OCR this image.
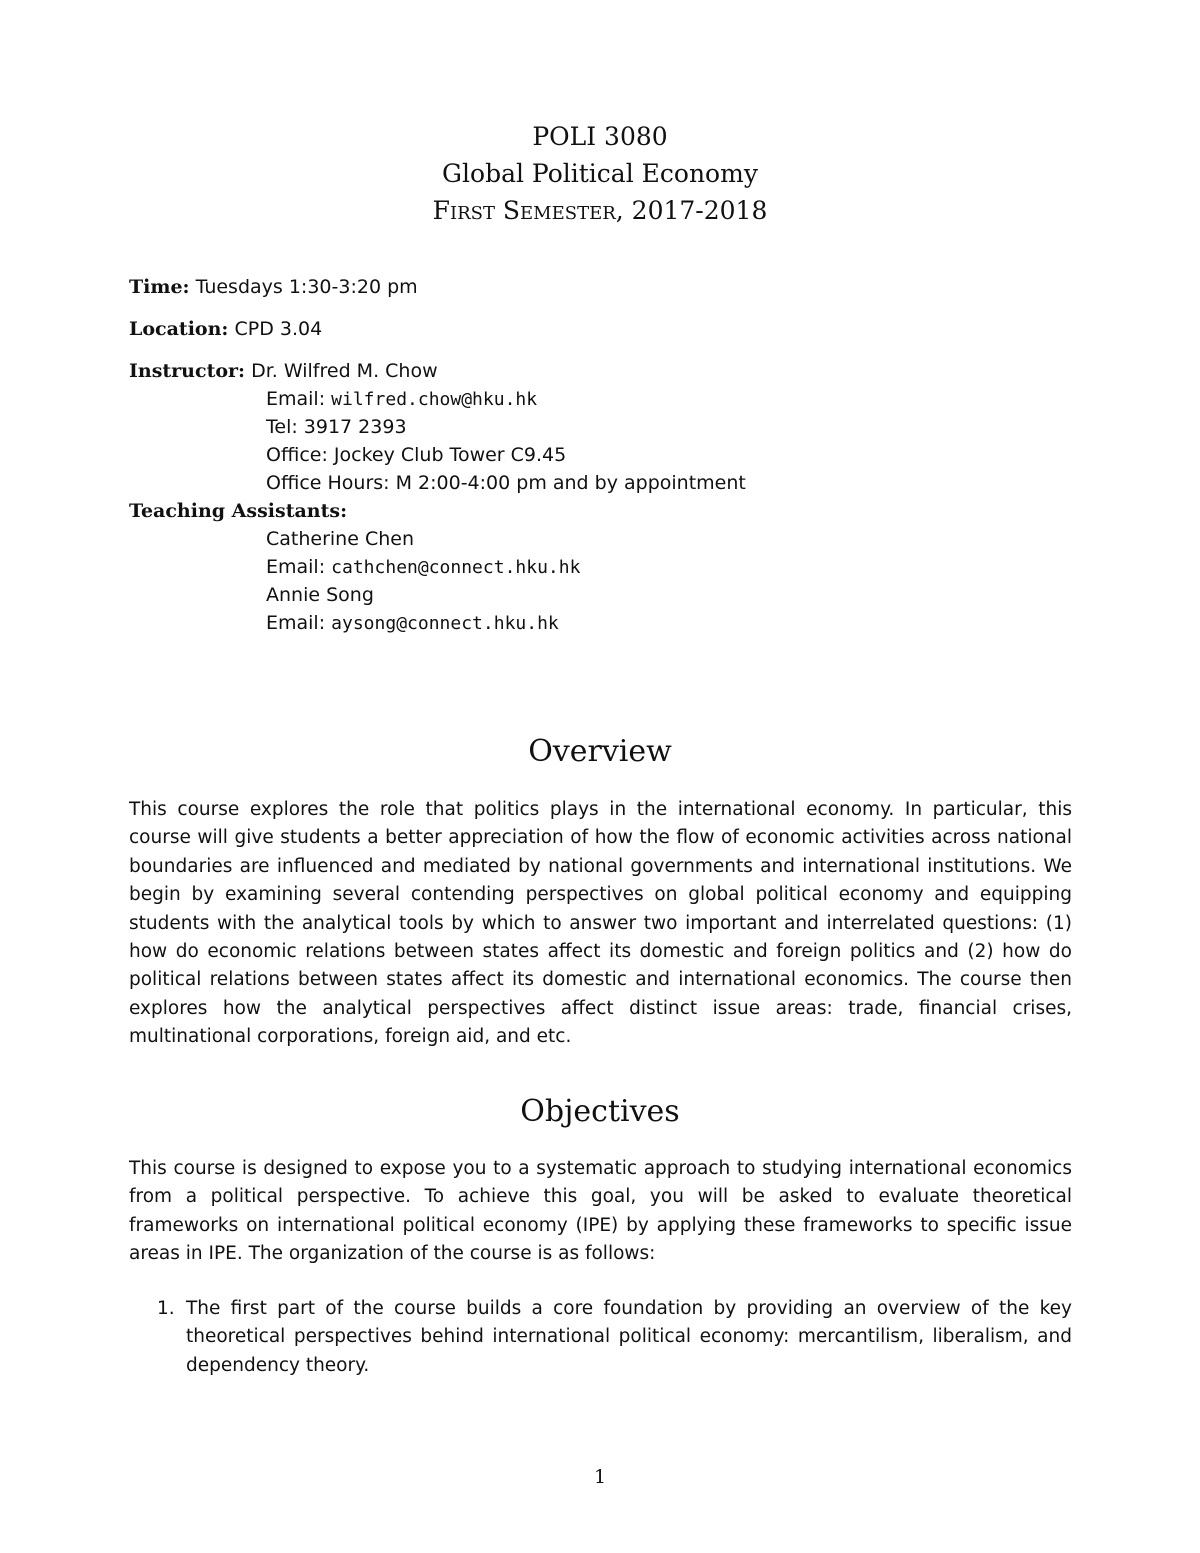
POLI 3080
Global Political Economy
First Semester, 2017-2018
Time: Tuesdays 1:30-3:20 pm
Location: CPD 3.04
Instructor: Dr. Wilfred M. Chow
Email: wilfred.chow@hku.hk
Tel: 3917 2393
Office: Jockey Club Tower C9.45
Office Hours: M 2:00-4:00 pm and by appointment
Teaching Assistants:
Catherine Chen
Email: cathchen@connect.hku.hk
Annie Song
Email: aysong@connect.hku.hk
Overview

This course explores the role that politics plays in the international economy. In particular, this course will give students a better appreciation of how the flow of economic activities across national boundaries are influenced and mediated by national governments and international institutions. We begin by examining several contending perspectives on global political economy and equipping students with the analytical tools by which to answer two important and interrelated questions: (1) how do economic relations between states affect its domestic and foreign politics and (2) how do political relations between states affect its domestic and international economics. The course then explores how the analytical perspectives affect distinct issue areas: trade, financial crises, multinational corporations, foreign aid, and etc.

Objectives

This course is designed to expose you to a systematic approach to studying international economics from a political perspective. To achieve this goal, you will be asked to evaluate theoretical frameworks on international political economy (IPE) by applying these frameworks to specific issue areas in IPE. The organization of the course is as follows:

1. The first part of the course builds a core foundation by providing an overview of the key theoretical perspectives behind international political economy: mercantilism, liberalism, and dependency theory.
1
